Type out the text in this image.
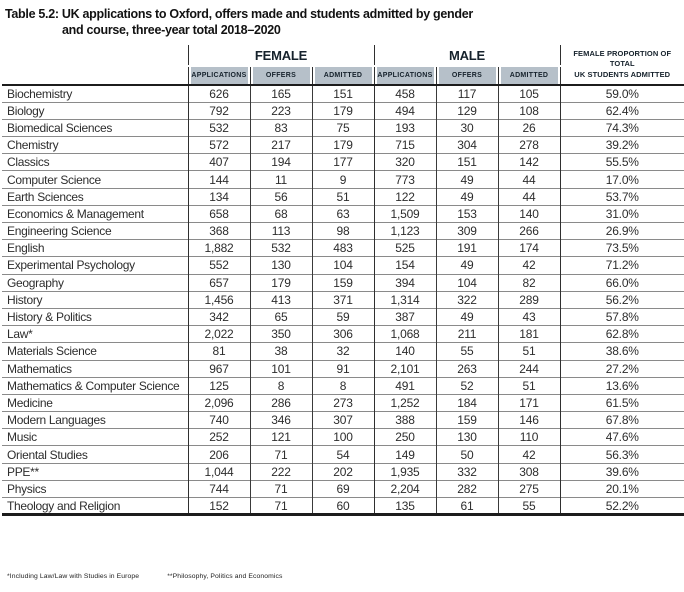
Table 5.2: UK applications to Oxford, offers made and students admitted by gender
and course, three-year total 2018–2020
	FEMALE			MALE			FEMALE PROPORTION OF TOTAL
UK STUDENTS ADMITTED

	APPLICATIONS	OFFERS	ADMITTED	APPLICATIONS	OFFERS	ADMITTED	
Biochemistry	626	165	151	458	117	105	59.0%
Biology	792	223	179	494	129	108	62.4%
Biomedical Sciences	532	83	75	193	30	26	74.3%
Chemistry	572	217	179	715	304	278	39.2%
Classics	407	194	177	320	151	142	55.5%
Computer Science	144	11	9	773	49	44	17.0%
Earth Sciences	134	56	51	122	49	44	53.7%
Economics & Management	658	68	63	1,509	153	140	31.0%
Engineering Science	368	113	98	1,123	309	266	26.9%
English	1,882	532	483	525	191	174	73.5%
Experimental Psychology	552	130	104	154	49	42	71.2%
Geography	657	179	159	394	104	82	66.0%
History	1,456	413	371	1,314	322	289	56.2%
History & Politics	342	65	59	387	49	43	57.8%
Law*	2,022	350	306	1,068	211	181	62.8%
Materials Science	81	38	32	140	55	51	38.6%
Mathematics	967	101	91	2,101	263	244	27.2%
Mathematics & Computer Science	125	8	8	491	52	51	13.6%
Medicine	2,096	286	273	1,252	184	171	61.5%
Modern Languages	740	346	307	388	159	146	67.8%
Music	252	121	100	250	130	110	47.6%
Oriental Studies	206	71	54	149	50	42	56.3%
PPE**	1,044	222	202	1,935	332	308	39.6%
Physics	744	71	69	2,204	282	275	20.1%
Theology and Religion	152	71	60	135	61	55	52.2%
*Including Law/Law with Studies in Europe	**Philosophy, Politics and Economics
